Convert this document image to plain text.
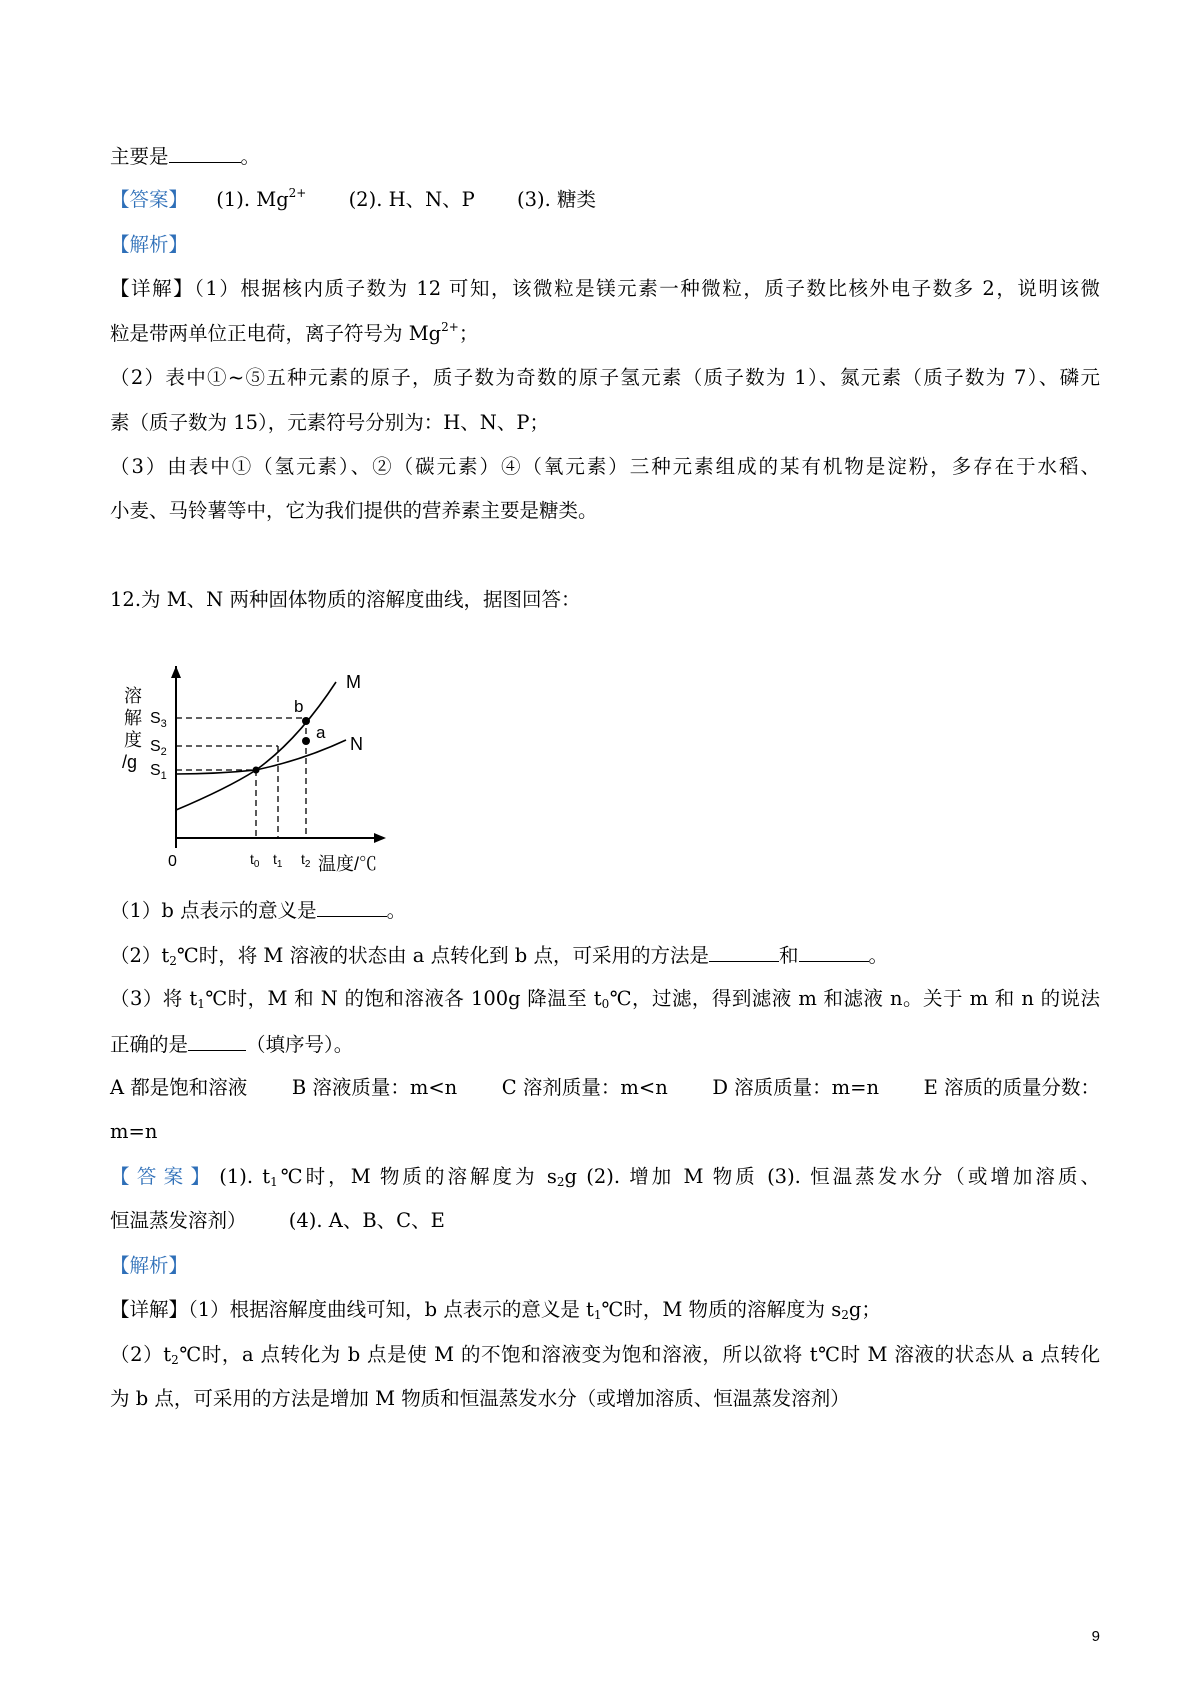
主要是	。
【答案】 (1). $Mg^{2+}$ (2). H、N、P (3). 糖类
【解析】
【详解】（1）根据核内质子数为 12 可知，该微粒是镁元素一种微粒，质子数比核外电子数多 2，说明该微
粒是带两单位正电荷，离子符号为 $Mg^{2+}$；
（2）表中①~⑤五种元素的原子，质子数为奇数的原子氢元素（质子数为 1）、氮元素（质子数为 7）、磷元
素（质子数为 15），元素符号分别为：H、N、P；
（3）由表中①（氢元素）、②（碳元素）④（氧元素）三种元素组成的某有机物是淀粉，多存在于水稻、
小麦、马铃薯等中，它为我们提供的营养素主要是糖类。
12.为 M、N 两种固体物质的溶解度曲线，据图回答：
溶
解
度
/g
$S_3$
$S_2$
$S_1$
b
a
M
N
0	$t_0$ $t_1$ $t_2$ 温度/℃
（1）b 点表示的意义是	。
$(2)t_2℃$时，将 M 溶液的状态由 a 点转化到 b 点，可采用的方法是	和	。
（3）将 $t_1℃$时，M 和 N 的饱和溶液各 100g 降温至 $t_0℃$，过滤，得到滤液 m 和滤液 n。关于 m 和 n 的说法
正确的是	（填序号）。
A 都是饱和溶液 B 溶液质量：m<n C 溶剂质量：m<n D 溶质质量：m=n E 溶质的质量分数：
m=n
【答案】 (1). $t_1℃$时，M 物质的溶解度为 $s_2g$ (2). 增加 M 物质 (3). 恒温蒸发水分（或增加溶质、
恒温蒸发溶剂） (4). A、B、C、E
【解析】
【详解】（1）根据溶解度曲线可知，b 点表示的意义是 $t_1℃$时，M 物质的溶解度为 $s_2g$；
$(2)t_2℃$时，a 点转化为 b 点是使 M 的不饱和溶液变为饱和溶液，所以欲将 t℃时 M 溶液的状态从 a 点转化
为 b 点，可采用的方法是增加 M 物质和恒温蒸发水分（或增加溶质、恒温蒸发溶剂）
9
